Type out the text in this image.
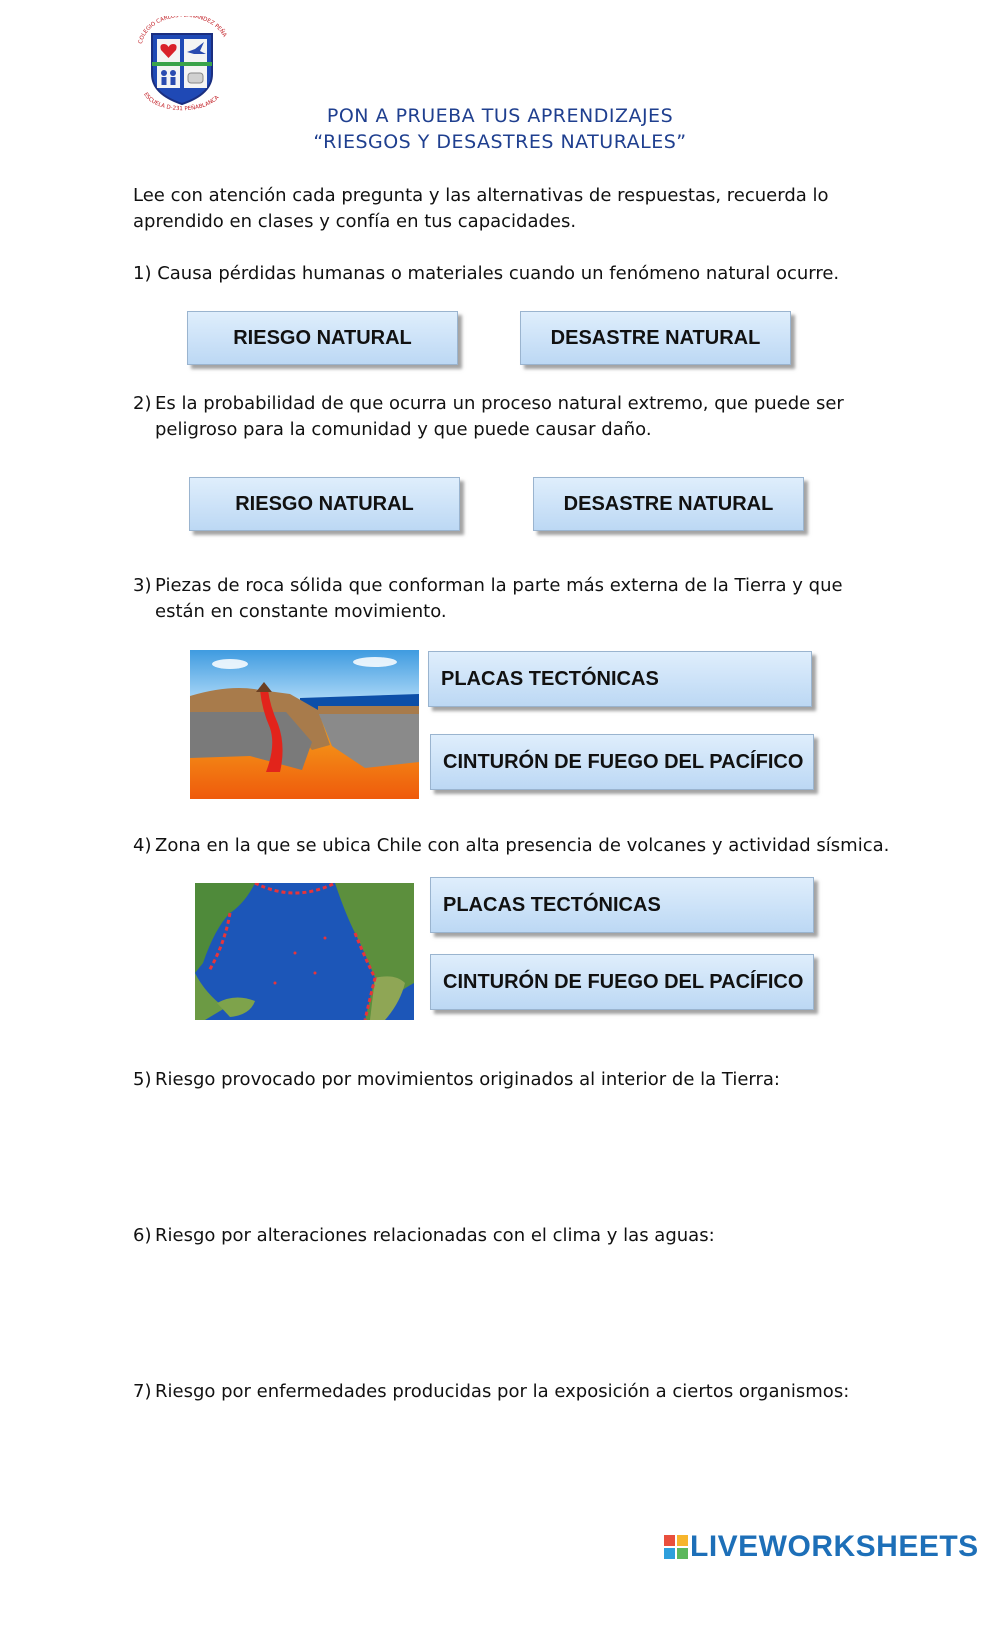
COLEGIO CARLOS NÁNDEZ PEÑA
ESCUELA D-231 PEÑABLANCA
PON A PRUEBA TUS APRENDIZAJES
“RIESGOS Y DESASTRES NATURALES”
Lee con atención cada pregunta y las alternativas de respuestas, recuerda lo
aprendido en clases y confía en tus capacidades.
1) Causa pérdidas humanas o materiales cuando un fenómeno natural ocurre.
RIESGO NATURAL	DESASTRE NATURAL
2) Es la probabilidad de que ocurra un proceso natural extremo, que puede ser
peligroso para la comunidad y que puede causar daño.
RIESGO NATURAL	DESASTRE NATURAL
3) Piezas de roca sólida que conforman la parte más externa de la Tierra y que
están en constante movimiento.
PLACAS TECTÓNICAS
CINTURÓN DE FUEGO DEL PACÍFICO
4) Zona en la que se ubica Chile con alta presencia de volcanes y actividad sísmica.
PLACAS TECTÓNICAS
CINTURÓN DE FUEGO DEL PACÍFICO
5) Riesgo provocado por movimientos originados al interior de la Tierra:
6) Riesgo por alteraciones relacionadas con el clima y las aguas:
7) Riesgo por enfermedades producidas por la exposición a ciertos organismos:
LIVEWORKSHEETS
